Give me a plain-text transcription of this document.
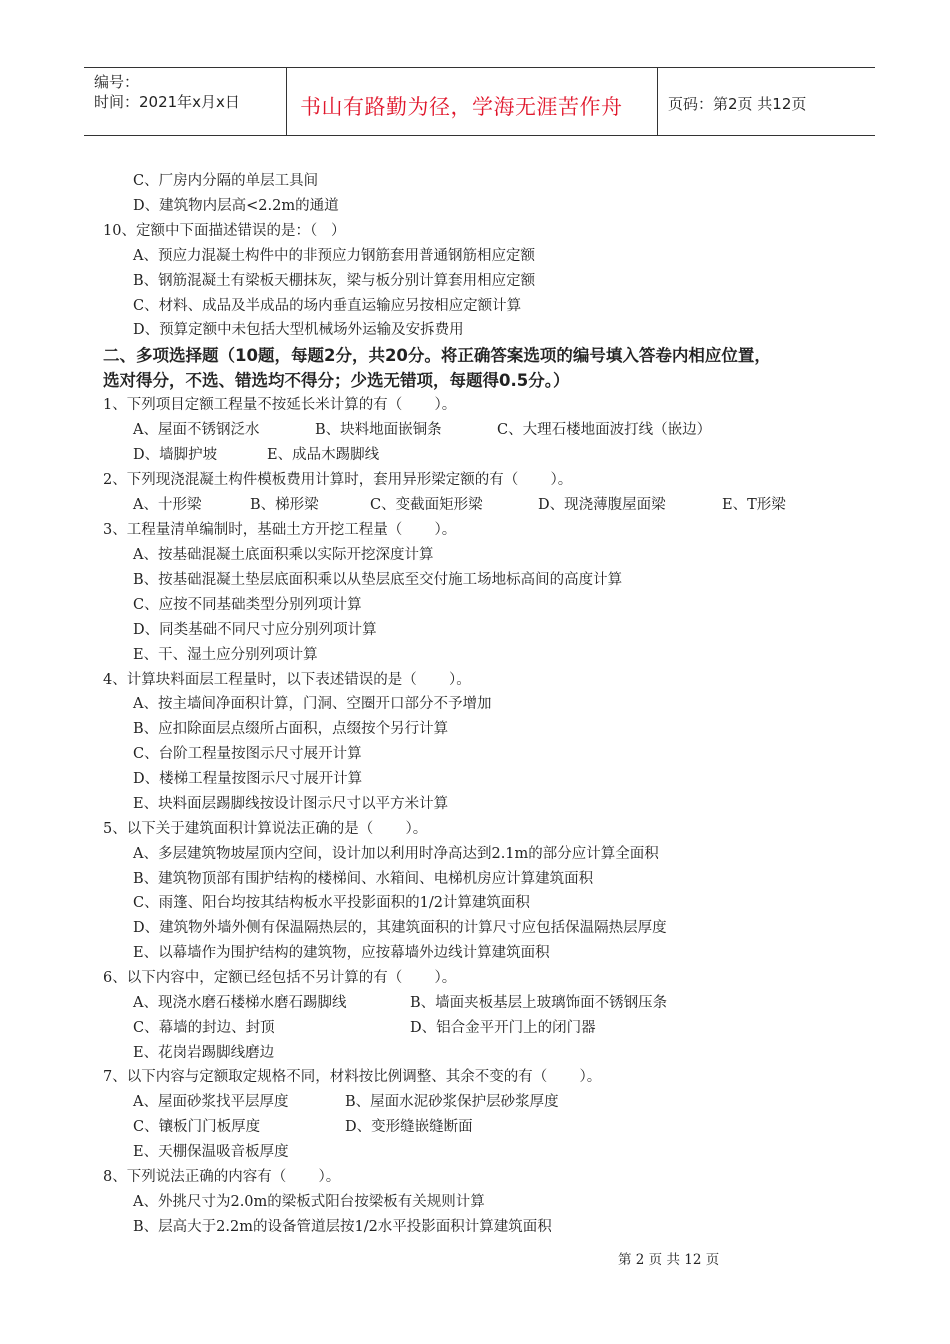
编号：
时间：2021年x月x日	书山有路勤为径，学海无涯苦作舟	页码：第2页 共12页
C、厂房内分隔的单层工具间
D、建筑物内层高<2.2m的通道
10、定额中下面描述错误的是：（   ）
A、预应力混凝土构件中的非预应力钢筋套用普通钢筋相应定额
B、钢筋混凝土有梁板天棚抹灰，梁与板分别计算套用相应定额
C、材料、成品及半成品的场内垂直运输应另按相应定额计算
D、预算定额中未包括大型机械场外运输及安拆费用
二、多项选择题（10题，每题2分，共20分。将正确答案选项的编号填入答卷内相应位置，
选对得分，不选、错选均不得分；少选无错项，每题得0.5分。）
1、下列项目定额工程量不按延长米计算的有（       ）。
A、屋面不锈钢泛水	B、块料地面嵌铜条	C、大理石楼地面波打线（嵌边）
D、墙脚护坡	E、成品木踢脚线
2、下列现浇混凝土构件模板费用计算时，套用异形梁定额的有（       ）。
A、十形梁	B、梯形梁	C、变截面矩形梁	D、现浇薄腹屋面梁	E、T形梁
3、工程量清单编制时，基础土方开挖工程量（       ）。
A、按基础混凝土底面积乘以实际开挖深度计算
B、按基础混凝土垫层底面积乘以从垫层底至交付施工场地标高间的高度计算
C、应按不同基础类型分别列项计算
D、同类基础不同尺寸应分别列项计算
E、干、湿土应分别列项计算
4、计算块料面层工程量时，以下表述错误的是（       ）。
A、按主墙间净面积计算，门洞、空圈开口部分不予增加
B、应扣除面层点缀所占面积，点缀按个另行计算
C、台阶工程量按图示尺寸展开计算
D、楼梯工程量按图示尺寸展开计算
E、块料面层踢脚线按设计图示尺寸以平方米计算
5、以下关于建筑面积计算说法正确的是（       ）。
A、多层建筑物坡屋顶内空间，设计加以利用时净高达到2.1m的部分应计算全面积
B、建筑物顶部有围护结构的楼梯间、水箱间、电梯机房应计算建筑面积
C、雨篷、阳台均按其结构板水平投影面积的1/2计算建筑面积
D、建筑物外墙外侧有保温隔热层的，其建筑面积的计算尺寸应包括保温隔热层厚度
E、以幕墙作为围护结构的建筑物，应按幕墙外边线计算建筑面积
6、以下内容中，定额已经包括不另计算的有（       ）。
A、现浇水磨石楼梯水磨石踢脚线	B、墙面夹板基层上玻璃饰面不锈钢压条
C、幕墙的封边、封顶	D、铝合金平开门上的闭门器
E、花岗岩踢脚线磨边
7、以下内容与定额取定规格不同，材料按比例调整、其余不变的有（       ）。
A、屋面砂浆找平层厚度	B、屋面水泥砂浆保护层砂浆厚度
C、镶板门门板厚度	D、变形缝嵌缝断面
E、天棚保温吸音板厚度
8、下列说法正确的内容有（       ）。
A、外挑尺寸为2.0m的梁板式阳台按梁板有关规则计算
B、层高大于2.2m的设备管道层按1/2水平投影面积计算建筑面积
第 2 页 共 12 页
